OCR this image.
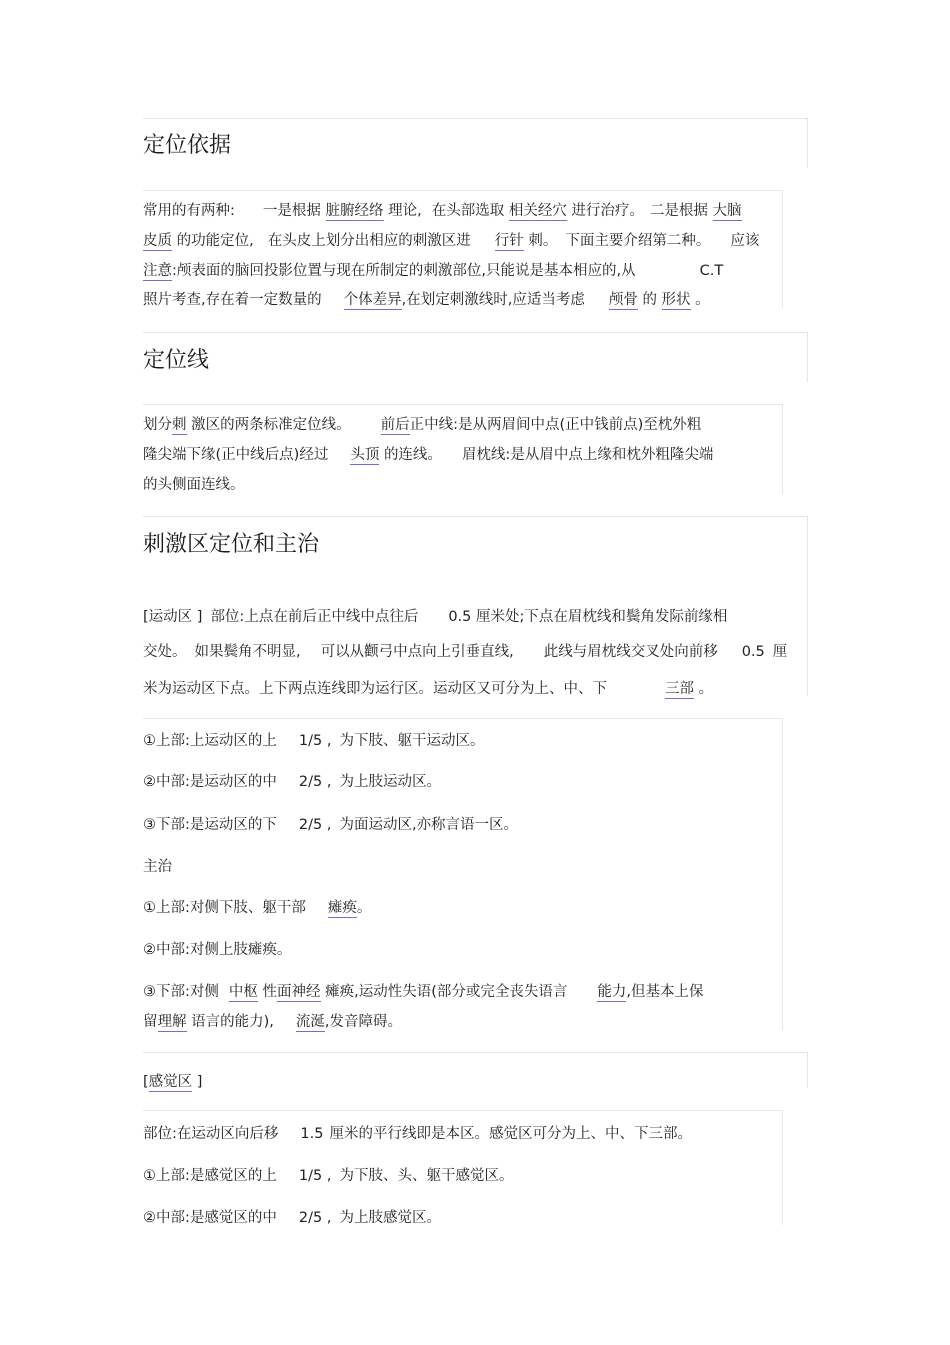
定位依据
常用的有两种: 一是根据 脏腑经络 理论, 在头部选取 相关经穴 进行治疗。 二是根据 大脑
皮质 的功能定位, 在头皮上划分出相应的刺激区进 行针 刺。 下面主要介绍第二种。 应该
注意:颅表面的脑回投影位置与现在所制定的刺激部位,只能说是基本相应的,从	C.T
照片考查,存在着一定数量的 个体差异,在划定刺激线时,应适当考虑 颅骨 的 形状 。
定位线
划分刺 激区的两条标准定位线。 前后正中线:是从两眉间中点(正中钱前点)至枕外粗
隆尖端下缘(正中线后点)经过 头顶 的连线。 眉枕线:是从眉中点上缘和枕外粗隆尖端
的头侧面连线。
刺激区定位和主治
[运动区 ] 部位:上点在前后正中线中点往后 0.5 厘米处;下点在眉枕线和鬓角发际前缘相
交处。 如果鬓角不明显, 可以从颧弓中点向上引垂直线, 此线与眉枕线交叉处向前移 0.5 厘
米为运动区下点。上下两点连线即为运行区。运动区又可分为上、中、下	三部 。
①上部:上运动区的上 1/5 , 为下肢、躯干运动区。
②中部:是运动区的中 2/5 , 为上肢运动区。
③下部:是运动区的下 2/5 , 为面运动区,亦称言语一区。
主治
①上部:对侧下肢、躯干部 瘫痪。
②中部:对侧上肢瘫痪。
③下部:对侧 中枢 性面神经 瘫痪,运动性失语(部分或完全丧失语言 能力,但基本上保
留理解 语言的能力), 流涎,发音障碍。
[感觉区 ]
部位:在运动区向后移 1.5 厘米的平行线即是本区。感觉区可分为上、中、下三部。
①上部:是感觉区的上 1/5 , 为下肢、头、躯干感觉区。
②中部:是感觉区的中 2/5 , 为上肢感觉区。
